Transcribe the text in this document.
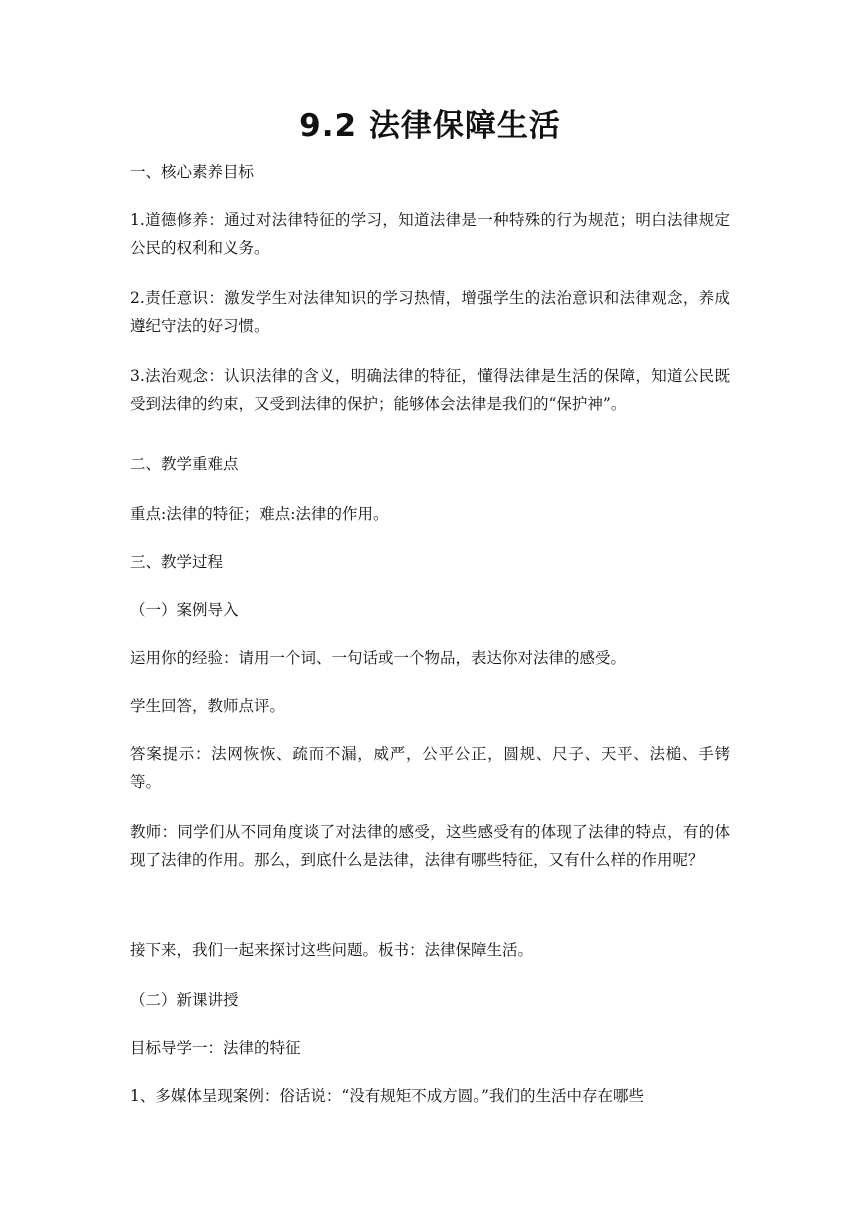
9.2 法律保障生活
一、核心素养目标
1.道德修养：通过对法律特征的学习，知道法律是一种特殊的行为规范；明白法律规定公民的权利和义务。
2.责任意识：激发学生对法律知识的学习热情，增强学生的法治意识和法律观念，养成遵纪守法的好习惯。
3.法治观念：认识法律的含义，明确法律的特征，懂得法律是生活的保障，知道公民既受到法律的约束，又受到法律的保护；能够体会法律是我们的“保护神”。
二、教学重难点
重点:法律的特征；难点:法律的作用。
三、教学过程
（一）案例导入
运用你的经验：请用一个词、一句话或一个物品，表达你对法律的感受。
学生回答，教师点评。
答案提示：法网恢恢、疏而不漏，威严，公平公正，圆规、尺子、天平、法槌、手铐等。
教师：同学们从不同角度谈了对法律的感受，这些感受有的体现了法律的特点，有的体现了法律的作用。那么，到底什么是法律，法律有哪些特征，又有什么样的作用呢？
接下来，我们一起来探讨这些问题。板书：法律保障生活。
（二）新课讲授
目标导学一：法律的特征
1、多媒体呈现案例：俗话说：“没有规矩不成方圆。”我们的生活中存在哪些
